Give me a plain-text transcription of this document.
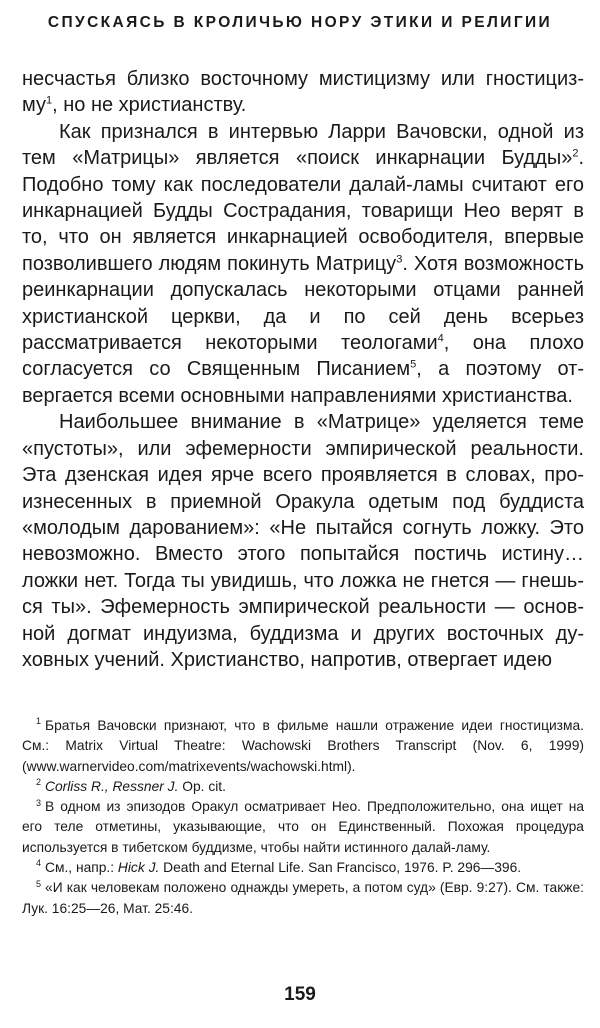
СПУСКАЯСЬ В КРОЛИЧЬЮ НОРУ ЭТИКИ И РЕЛИГИИ

несчастья близко восточному мистицизму или гностицизму$^1$, но не христианству.

Как признался в интервью Ларри Вачовски, одной из тем «Матрицы» является «поиск инкарнации Будды»$^2$. Подобно тому как последователи далай-ламы считают его инкарнацией Будды Сострадания, товарищи Нео верят в то, что он является инкарнацией освободителя, впервые позволившего людям покинуть Матрицу$^3$. Хотя возможность реинкарнации допускалась некоторыми отцами ранней христианской церкви, да и по сей день всерьез рассматривается некоторыми теологами$^4$, она плохо согласуется со Священным Писанием$^5$, а поэтому отвергается всеми основными направлениями христианства.

Наибольшее внимание в «Матрице» уделяется теме «пустоты», или эфемерности эмпирической реальности. Эта дзенская идея ярче всего проявляется в словах, произнесенных в приемной Оракула одетым под буддиста «молодым дарованием»: «Не пытайся согнуть ложку. Это невозможно. Вместо этого попытайся постичь истину… ложки нет. Тогда ты увидишь, что ложка не гнется — гнешься ты». Эфемерность эмпирической реальности — основной догмат индуизма, буддизма и других восточных духовных учений. Христианство, напротив, отвергает идею

$^1$ Братья Вачовски признают, что в фильме нашли отражение идеи гностицизма. См.: Matrix Virtual Theatre: Wachowski Brothers Transcript (Nov. 6, 1999) (www.warnervideo.com/matrixevents/wachowski.html).

$^2$ Corliss R., Ressner J. Op. cit.

$^3$ В одном из эпизодов Оракул осматривает Нео. Предположительно, она ищет на его теле отметины, указывающие, что он Единственный. Похожая процедура используется в тибетском буддизме, чтобы найти истинного далай-ламу.

$^4$ См., напр.: Hick J. Death and Eternal Life. San Francisco, 1976. P. 296—396.

$^5$ «И как человекам положено однажды умереть, а потом суд» (Евр. 9:27). См. также: Лук. 16:25—26, Мат. 25:46.

159
